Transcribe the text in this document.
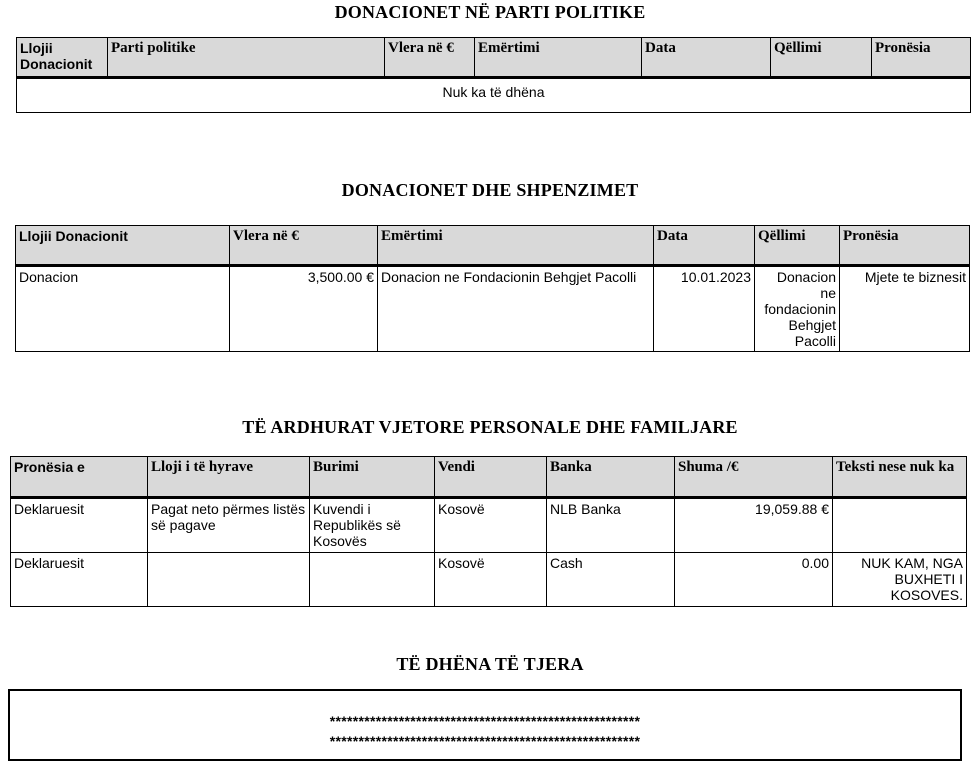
DONACIONET NË PARTI POLITIKE
Llojii Donacionit	Parti politike	Vlera në €	Emërtimi	Data	Qëllimi	Pronësia
Nuk ka të dhëna
DONACIONET DHE SHPENZIMET
Llojii Donacionit	Vlera në €	Emërtimi	Data	Qëllimi	Pronësia
Donacion	3,500.00 €	Donacion ne Fondacionin Behgjet Pacolli	10.01.2023	Donacion ne fondacionin Behgjet Pacolli	Mjete te biznesit
TË ARDHURAT VJETORE PERSONALE DHE FAMILJARE
Pronësia e	Lloji i të hyrave	Burimi	Vendi	Banka	Shuma /€	Teksti nese nuk ka
Deklaruesit	Pagat neto përmes listës së pagave	Kuvendi i Republikës së Kosovës	Kosovë	NLB Banka	19,059.88 €	
Deklaruesit			Kosovë	Cash	0.00	NUK KAM, NGA BUXHETI I KOSOVES.
TË DHËNA TË TJERA
******************************************************
******************************************************
